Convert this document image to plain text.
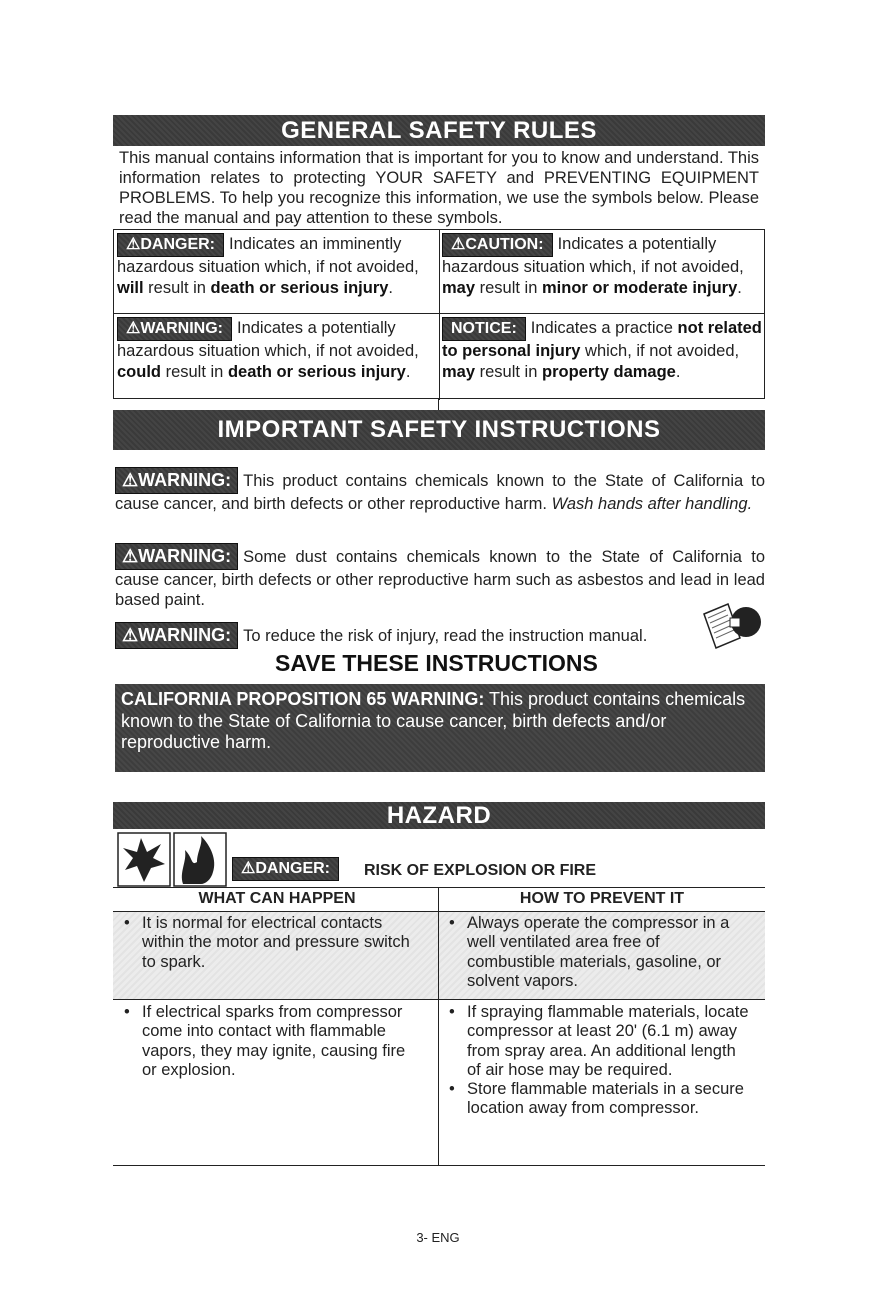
GENERAL SAFETY RULES
This manual contains information that is important for you to know and understand. This information relates to protecting YOUR SAFETY and PREVENTING EQUIPMENT PROBLEMS. To help you recognize this information, we use the symbols below. Please read the manual and pay attention to these symbols.
⚠DANGER: Indicates an imminently hazardous situation which, if not avoided, will result in death or serious injury.
⚠CAUTION: Indicates a potentially hazardous situation which, if not avoided, may result in minor or moderate injury.
⚠WARNING: Indicates a potentially hazardous situation which, if not avoided, could result in death or serious injury.
NOTICE: Indicates a practice not related to personal injury which, if not avoided, may result in property damage.
IMPORTANT SAFETY INSTRUCTIONS
⚠WARNING: This product contains chemicals known to the State of California to cause cancer, and birth defects or other reproductive harm. Wash hands after handling.
⚠WARNING: Some dust contains chemicals known to the State of California to cause cancer, birth defects or other reproductive harm such as asbestos and lead in lead based paint.
⚠WARNING: To reduce the risk of injury, read the instruction manual.
SAVE THESE INSTRUCTIONS
CALIFORNIA PROPOSITION 65 WARNING: This product contains chemicals known to the State of California to cause cancer, birth defects and/or reproductive harm.
HAZARD
⚠DANGER:	RISK OF EXPLOSION OR FIRE
WHAT CAN HAPPEN	HOW TO PREVENT IT
• It is normal for electrical contacts within the motor and pressure switch to spark.
• Always operate the compressor in a well ventilated area free of combustible materials, gasoline, or solvent vapors.
• If electrical sparks from compressor come into contact with flammable vapors, they may ignite, causing fire or explosion.
• If spraying flammable materials, locate compressor at least 20' (6.1 m) away from spray area. An additional length of air hose may be required.
• Store flammable materials in a secure location away from compressor.
3- ENG
